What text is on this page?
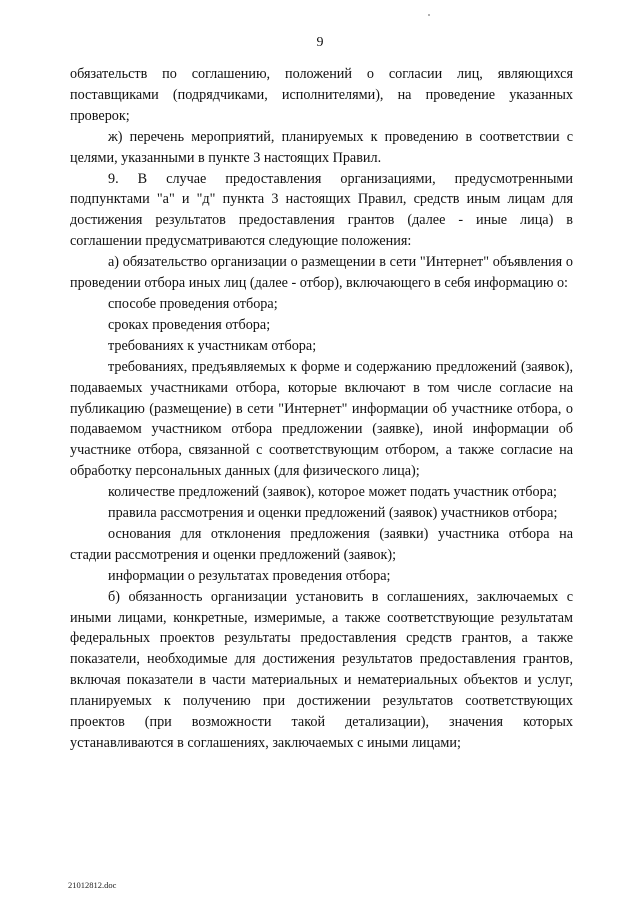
9

обязательств по соглашению, положений о согласии лиц, являющихся поставщиками (подрядчиками, исполнителями), на проведение указанных проверок;

ж) перечень мероприятий, планируемых к проведению в соответствии с целями, указанными в пункте 3 настоящих Правил.

9. В случае предоставления организациями, предусмотренными подпунктами "а" и "д" пункта 3 настоящих Правил, средств иным лицам для достижения результатов предоставления грантов (далее - иные лица) в соглашении предусматриваются следующие положения:

а) обязательство организации о размещении в сети "Интернет" объявления о проведении отбора иных лиц (далее - отбор), включающего в себя информацию о:

способе проведения отбора;

сроках проведения отбора;

требованиях к участникам отбора;

требованиях, предъявляемых к форме и содержанию предложений (заявок), подаваемых участниками отбора, которые включают в том числе согласие на публикацию (размещение) в сети "Интернет" информации об участнике отбора, о подаваемом участником отбора предложении (заявке), иной информации об участнике отбора, связанной с соответствующим отбором, а также согласие на обработку персональных данных (для физического лица);

количестве предложений (заявок), которое может подать участник отбора;

правила рассмотрения и оценки предложений (заявок) участников отбора;

основания для отклонения предложения (заявки) участника отбора на стадии рассмотрения и оценки предложений (заявок);

информации о результатах проведения отбора;

б) обязанность организации установить в соглашениях, заключаемых с иными лицами, конкретные, измеримые, а также соответствующие результатам федеральных проектов результаты предоставления средств грантов, а также показатели, необходимые для достижения результатов предоставления грантов, включая показатели в части материальных и нематериальных объектов и услуг, планируемых к получению при достижении результатов соответствующих проектов (при возможности такой детализации), значения которых устанавливаются в соглашениях, заключаемых с иными лицами;

21012812.doc
